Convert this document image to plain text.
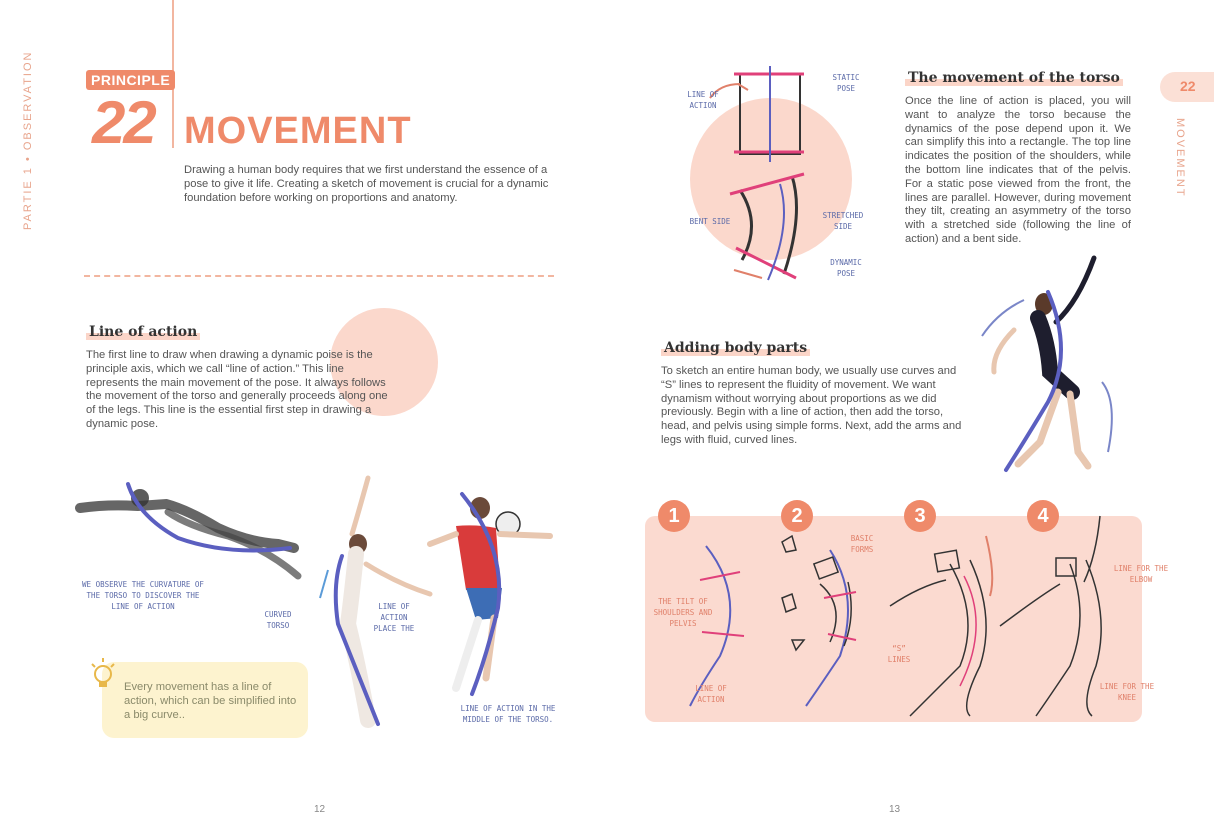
PARTIE 1 • OBSERVATION	PRINCIPLE
22 MOVEMENT
Drawing a human body requires that we first understand the essence of a pose to give it life. Creating a sketch of movement is crucial for a dynamic foundation before working on proportions and anatomy.
Line of action
The first line to draw when drawing a dynamic poise is the principle axis, which we call “line of action.” This line represents the main movement of the pose. It always follows the movement of the torso and generally proceeds along one of the legs. This line is the essential first step in drawing a dynamic pose.
WE OBSERVE THE CURVATURE OF THE TORSO TO DISCOVER THE LINE OF ACTION
CURVED TORSO
LINE OF ACTION PLACE THE
LINE OF ACTION IN THE MIDDLE OF THE TORSO.
Every movement has a line of action, which can be simplified into a big curve..
12
22
MOVEMENT
LINE OF ACTION
STATIC POSE
BENT SIDE
STRETCHED SIDE
DYNAMIC POSE
The movement of the torso
Once the line of action is placed, you will want to analyze the torso because the dynamics of the pose depend upon it. We can simplify this into a rectangle. The top line indicates the position of the shoulders, while the bottom line indicates that of the pelvis. For a static pose viewed from the front, the lines are parallel. However, during movement they tilt, creating an asymmetry of the torso with a stretched side (following the line of action) and a bent side.
Adding body parts
To sketch an entire human body, we usually use curves and “S” lines to represent the fluidity of movement. We want dynamism without worrying about proportions as we did previously. Begin with a line of action, then add the torso, head, and pelvis using simple forms. Next, add the arms and legs with fluid, curved lines.
1	2	3	4
THE TILT OF SHOULDERS AND PELVIS
LINE OF ACTION
BASIC FORMS
“S” LINES
LINE FOR THE ELBOW
LINE FOR THE KNEE
13
